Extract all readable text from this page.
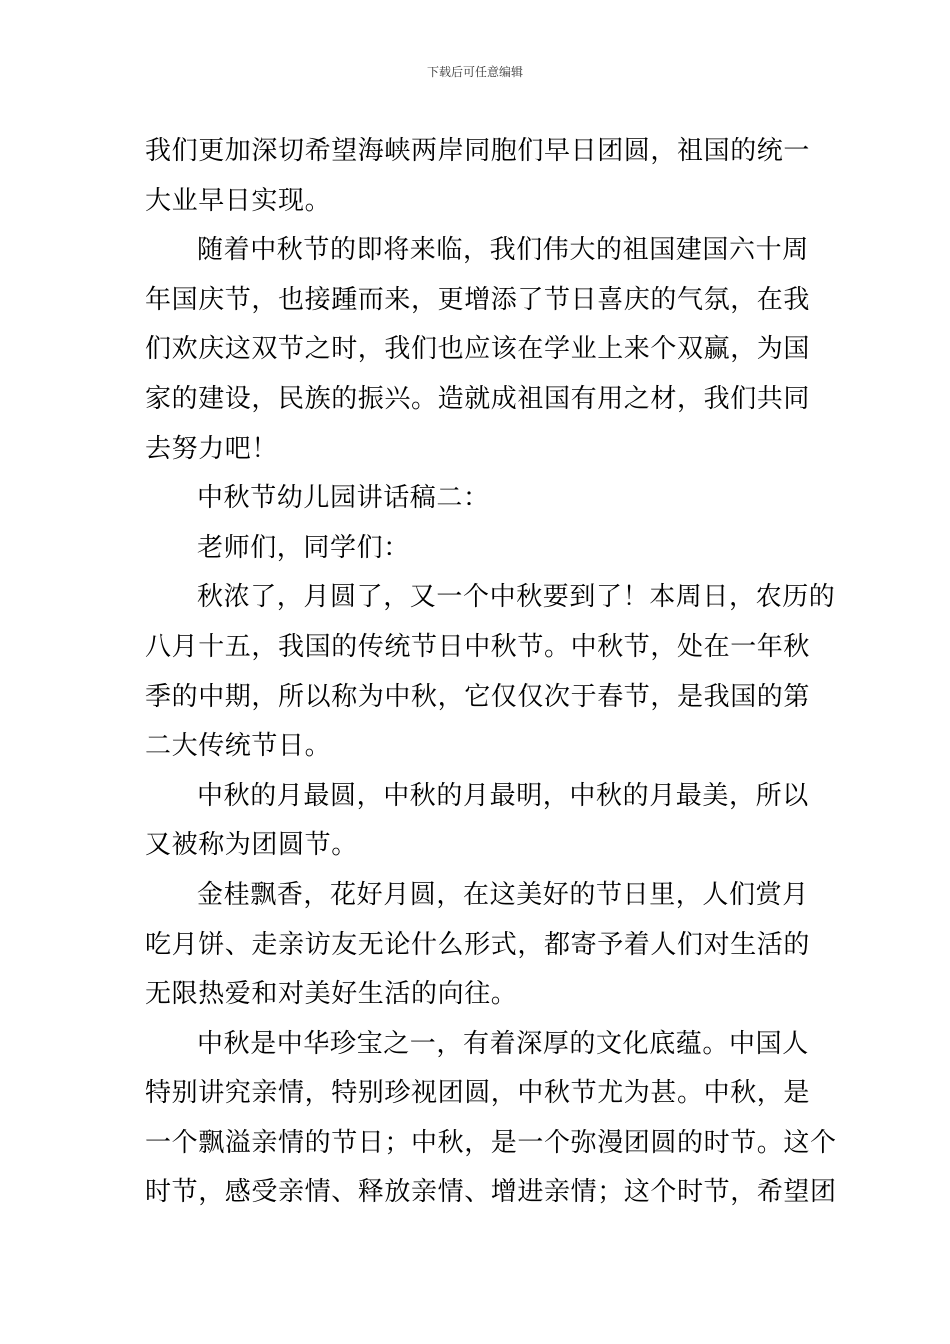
下载后可任意编辑
我们更加深切希望海峡两岸同胞们早日团圆，祖国的统一
大业早日实现。
随着中秋节的即将来临，我们伟大的祖国建国六十周
年国庆节，也接踵而来，更增添了节日喜庆的气氛，在我
们欢庆这双节之时，我们也应该在学业上来个双赢，为国
家的建设，民族的振兴。造就成祖国有用之材，我们共同
去努力吧！
中秋节幼儿园讲话稿二：
老师们，同学们：
秋浓了，月圆了，又一个中秋要到了！本周日，农历的
八月十五，我国的传统节日中秋节。中秋节，处在一年秋
季的中期，所以称为中秋，它仅仅次于春节，是我国的第
二大传统节日。
中秋的月最圆，中秋的月最明，中秋的月最美，所以
又被称为团圆节。
金桂飘香，花好月圆，在这美好的节日里，人们赏月
吃月饼、走亲访友无论什么形式，都寄予着人们对生活的
无限热爱和对美好生活的向往。
中秋是中华珍宝之一，有着深厚的文化底蕴。中国人
特别讲究亲情，特别珍视团圆，中秋节尤为甚。中秋，是
一个飘溢亲情的节日；中秋，是一个弥漫团圆的时节。这个
时节，感受亲情、释放亲情、增进亲情；这个时节，希望团
